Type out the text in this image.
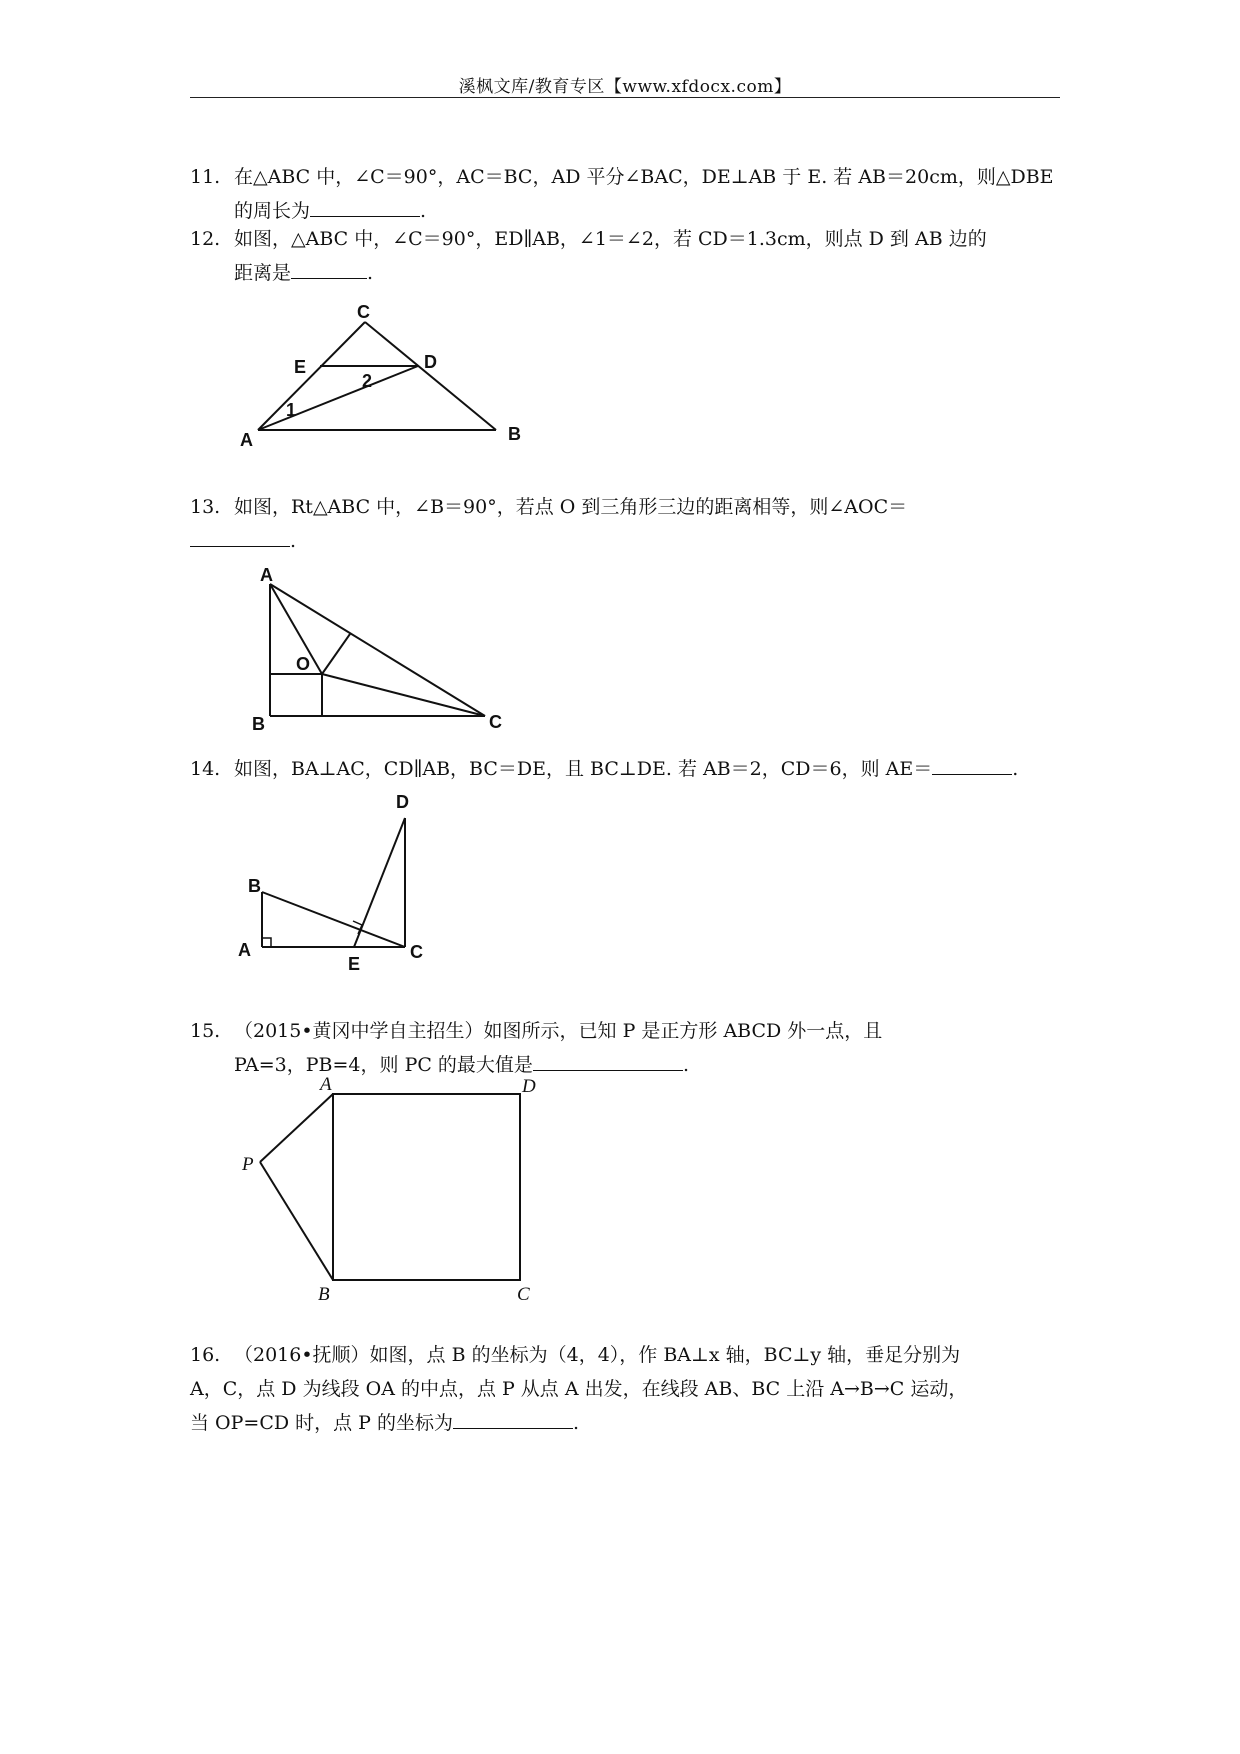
溪枫文库/教育专区【www.xfdocx.com】
11. 在△ABC 中，∠C＝90°，AC＝BC，AD 平分∠BAC，DE⊥AB 于 E. 若 AB＝20cm，则△DBE
的周长为	.
12. 如图，△ABC 中，∠C＝90°，ED∥AB，∠1＝∠2，若 CD＝1.3cm，则点 D 到 AB 边的
距离是	.
C
E	D
2
1
A	B
13. 如图，Rt△ABC 中，∠B＝90°，若点 O 到三角形三边的距离相等，则∠AOC＝
.
A
O
B	C
14. 如图，BA⊥AC，CD∥AB，BC＝DE，且 BC⊥DE. 若 AB＝2，CD＝6，则 AE＝	.
D
B
A
E
C
15. （2015•黄冈中学自主招生）如图所示，已知 P 是正方形 ABCD 外一点，且
PA=3，PB=4，则 PC 的最大值是	.
A	D
P
B	C
16. （2016•抚顺）如图，点 B 的坐标为（4，4），作 BA⊥x 轴，BC⊥y 轴，垂足分别为
A，C，点 D 为线段 OA 的中点，点 P 从点 A 出发，在线段 AB、BC 上沿 A→B→C 运动，
当 OP=CD 时，点 P 的坐标为	.
